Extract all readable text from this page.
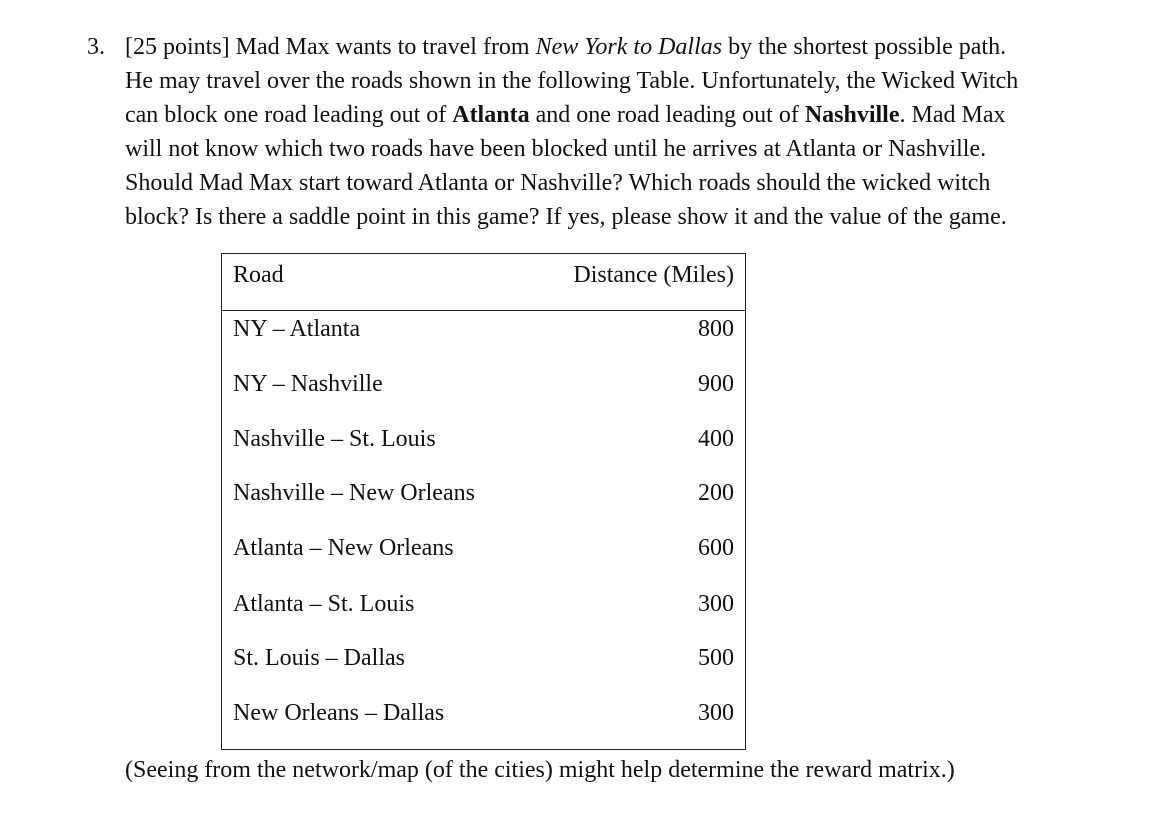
3. [25 points] Mad Max wants to travel from New York to Dallas by the shortest possible path.
He may travel over the roads shown in the following Table. Unfortunately, the Wicked Witch
can block one road leading out of Atlanta and one road leading out of Nashville. Mad Max
will not know which two roads have been blocked until he arrives at Atlanta or Nashville.
Should Mad Max start toward Atlanta or Nashville? Which roads should the wicked witch
block? Is there a saddle point in this game? If yes, please show it and the value of the game.
Road	Distance (Miles)
NY – Atlanta	800
NY – Nashville	900
Nashville – St. Louis	400
Nashville – New Orleans	200
Atlanta – New Orleans	600
Atlanta – St. Louis	300
St. Louis – Dallas	500
New Orleans – Dallas	300
(Seeing from the network/map (of the cities) might help determine the reward matrix.)
